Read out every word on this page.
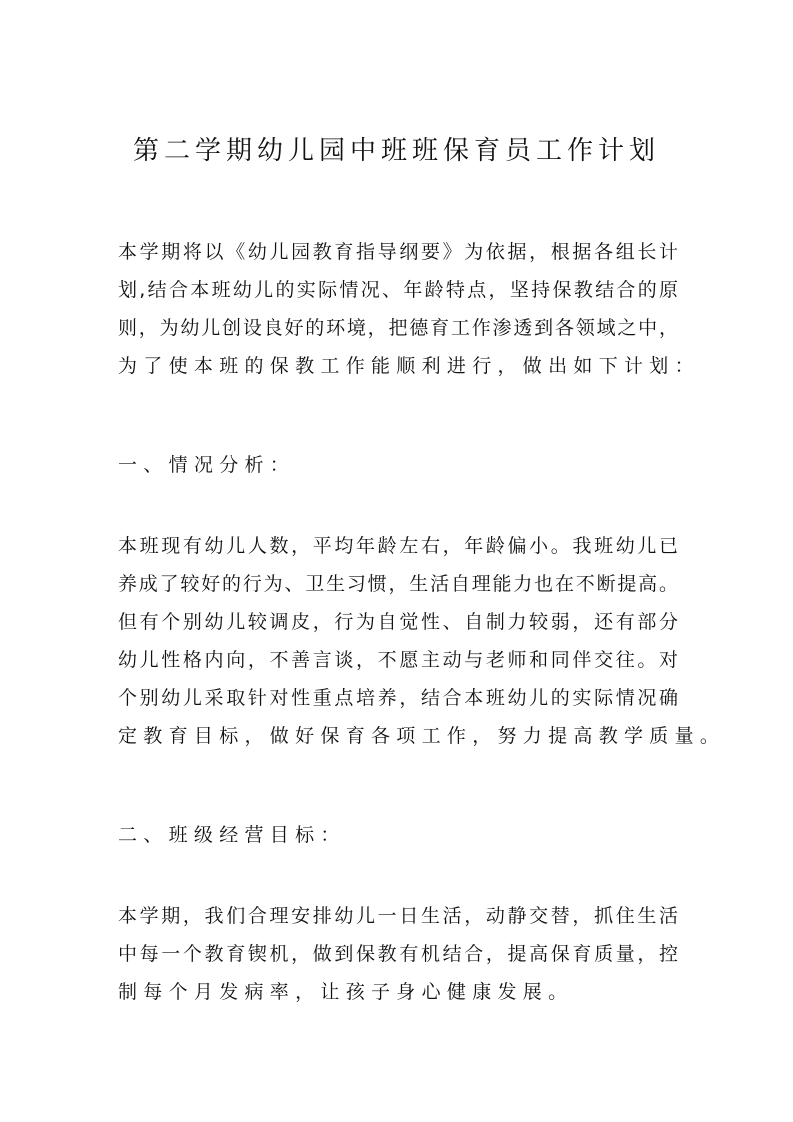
第二学期幼儿园中班班保育员工作计划
本学期将以《幼儿园教育指导纲要》为依据，根据各组长计
划,结合本班幼儿的实际情况、年龄特点，坚持保教结合的原
则，为幼儿创设良好的环境，把德育工作渗透到各领域之中，
为了使本班的保教工作能顺利进行，做出如下计划：
一、情况分析：
本班现有幼儿人数，平均年龄左右，年龄偏小。我班幼儿已
养成了较好的行为、卫生习惯，生活自理能力也在不断提高。
但有个别幼儿较调皮，行为自觉性、自制力较弱，还有部分
幼儿性格内向，不善言谈，不愿主动与老师和同伴交往。对
个别幼儿采取针对性重点培养，结合本班幼儿的实际情况确
定教育目标，做好保育各项工作，努力提高教学质量。
二、班级经营目标：
本学期，我们合理安排幼儿一日生活，动静交替，抓住生活
中每一个教育锲机，做到保教有机结合，提高保育质量，控
制每个月发病率，让孩子身心健康发展。
